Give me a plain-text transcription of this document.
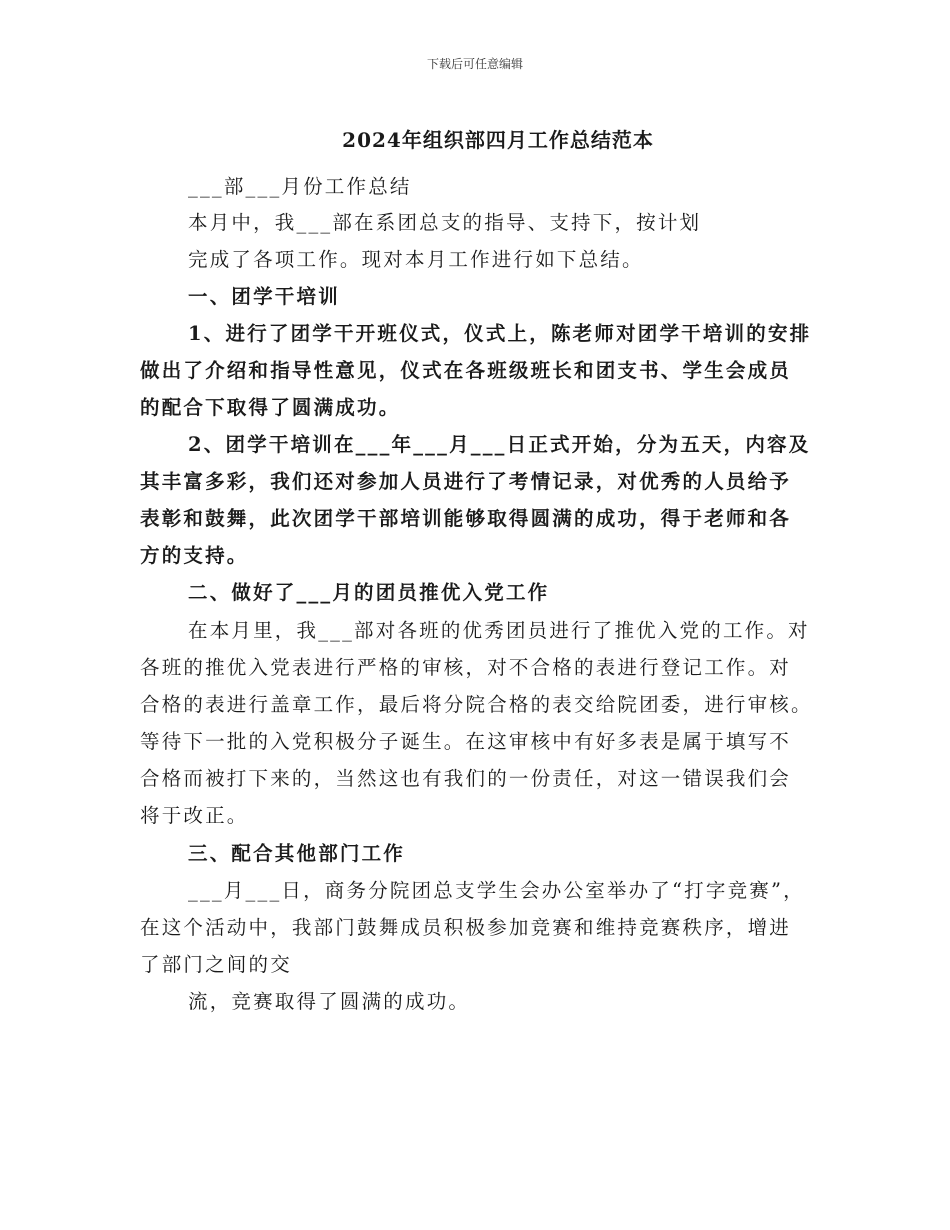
下载后可任意编辑
2024年组织部四月工作总结范本
___部___月份工作总结
本月中，我___部在系团总支的指导、支持下，按计划
完成了各项工作。现对本月工作进行如下总结。
一、团学干培训
1、进行了团学干开班仪式，仪式上，陈老师对团学干培训的安排
做出了介绍和指导性意见，仪式在各班级班长和团支书、学生会成员
的配合下取得了圆满成功。
2、团学干培训在___年___月___日正式开始，分为五天，内容及
其丰富多彩，我们还对参加人员进行了考情记录，对优秀的人员给予
表彰和鼓舞，此次团学干部培训能够取得圆满的成功，得于老师和各
方的支持。
二、做好了___月的团员推优入党工作
在本月里，我___部对各班的优秀团员进行了推优入党的工作。对
各班的推优入党表进行严格的审核，对不合格的表进行登记工作。对
合格的表进行盖章工作，最后将分院合格的表交给院团委，进行审核。
等待下一批的入党积极分子诞生。在这审核中有好多表是属于填写不
合格而被打下来的，当然这也有我们的一份责任，对这一错误我们会
将于改正。
三、配合其他部门工作
___月___日，商务分院团总支学生会办公室举办了“打字竞赛”，
在这个活动中，我部门鼓舞成员积极参加竞赛和维持竞赛秩序，增进
了部门之间的交
流，竞赛取得了圆满的成功。
